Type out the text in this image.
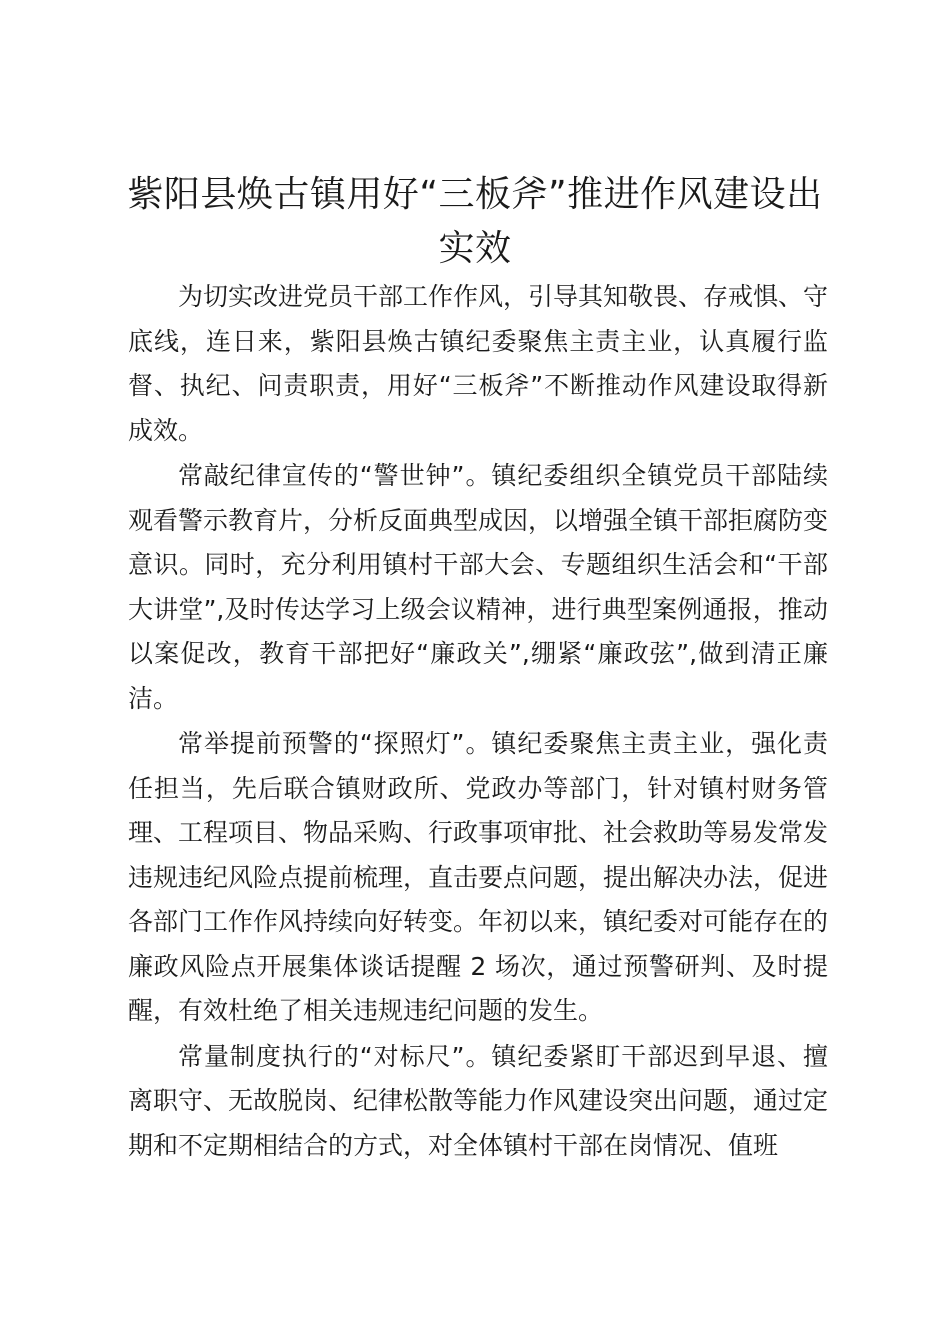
紫阳县焕古镇用好“三板斧”推进作风建设出实效

为切实改进党员干部工作作风，引导其知敬畏、存戒惧、守底线，连日来，紫阳县焕古镇纪委聚焦主责主业，认真履行监督、执纪、问责职责，用好“三板斧”不断推动作风建设取得新成效。

常敲纪律宣传的“警世钟”。镇纪委组织全镇党员干部陆续观看警示教育片，分析反面典型成因，以增强全镇干部拒腐防变意识。同时，充分利用镇村干部大会、专题组织生活会和“干部大讲堂”,及时传达学习上级会议精神，进行典型案例通报，推动以案促改，教育干部把好“廉政关”,绷紧“廉政弦”,做到清正廉洁。

常举提前预警的“探照灯”。镇纪委聚焦主责主业，强化责任担当，先后联合镇财政所、党政办等部门，针对镇村财务管理、工程项目、物品采购、行政事项审批、社会救助等易发常发违规违纪风险点提前梳理，直击要点问题，提出解决办法，促进各部门工作作风持续向好转变。年初以来，镇纪委对可能存在的廉政风险点开展集体谈话提醒 2 场次，通过预警研判、及时提醒，有效杜绝了相关违规违纪问题的发生。

常量制度执行的“对标尺”。镇纪委紧盯干部迟到早退、擅离职守、无故脱岗、纪律松散等能力作风建设突出问题，通过定期和不定期相结合的方式，对全体镇村干部在岗情况、值班
